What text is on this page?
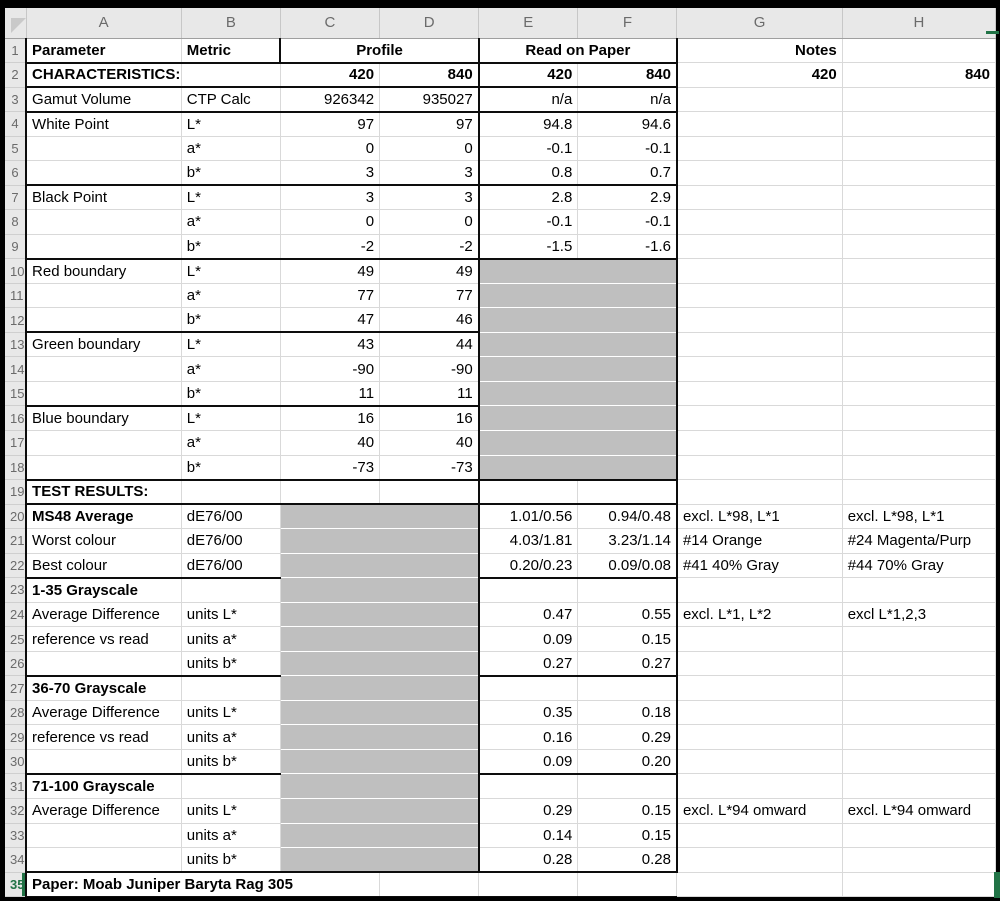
	A	B	C	D	E	F	G	H
1	Parameter	Metric	Profile		Read on Paper		Notes	
2	CHARACTERISTICS:		420	840	420	840	420	840
3	Gamut Volume	CTP Calc	926342	935027	n/a	n/a		
4	White Point	L*	97	97	94.8	94.6		
5		a*	0	0	-0.1	-0.1		
6		b*	3	3	0.8	0.7		
7	Black Point	L*	3	3	2.8	2.9		
8		a*	0	0	-0.1	-0.1		
9		b*	-2	-2	-1.5	-1.6		
10	Red boundary	L*	49	49				
11		a*	77	77				
12		b*	47	46				
13	Green boundary	L*	43	44				
14		a*	-90	-90				
15		b*	11	11				
16	Blue boundary	L*	16	16				
17		a*	40	40				
18		b*	-73	-73				
19	TEST RESULTS:							
20	MS48 Average	dE76/00			1.01/0.56	0.94/0.48	excl. L*98, L*1	excl. L*98, L*1
21	Worst colour	dE76/00			4.03/1.81	3.23/1.14	#14 Orange	#24 Magenta/Purp
22	Best colour	dE76/00			0.20/0.23	0.09/0.08	#41 40% Gray	#44 70% Gray
23	1-35 Grayscale							
24	Average Difference	units L*			0.47	0.55	excl. L*1, L*2	excl L*1,2,3
25	reference vs read	units a*			0.09	0.15		
26		units b*			0.27	0.27		
27	36-70 Grayscale							
28	Average Difference	units L*			0.35	0.18		
29	reference vs read	units a*			0.16	0.29		
30		units b*			0.09	0.20		
31	71-100 Grayscale							
32	Average Difference	units L*			0.29	0.15	excl. L*94 omward	excl. L*94 omward
33		units a*			0.14	0.15		
34		units b*			0.28	0.28		
35	Paper: Moab Juniper Baryta Rag 305							
